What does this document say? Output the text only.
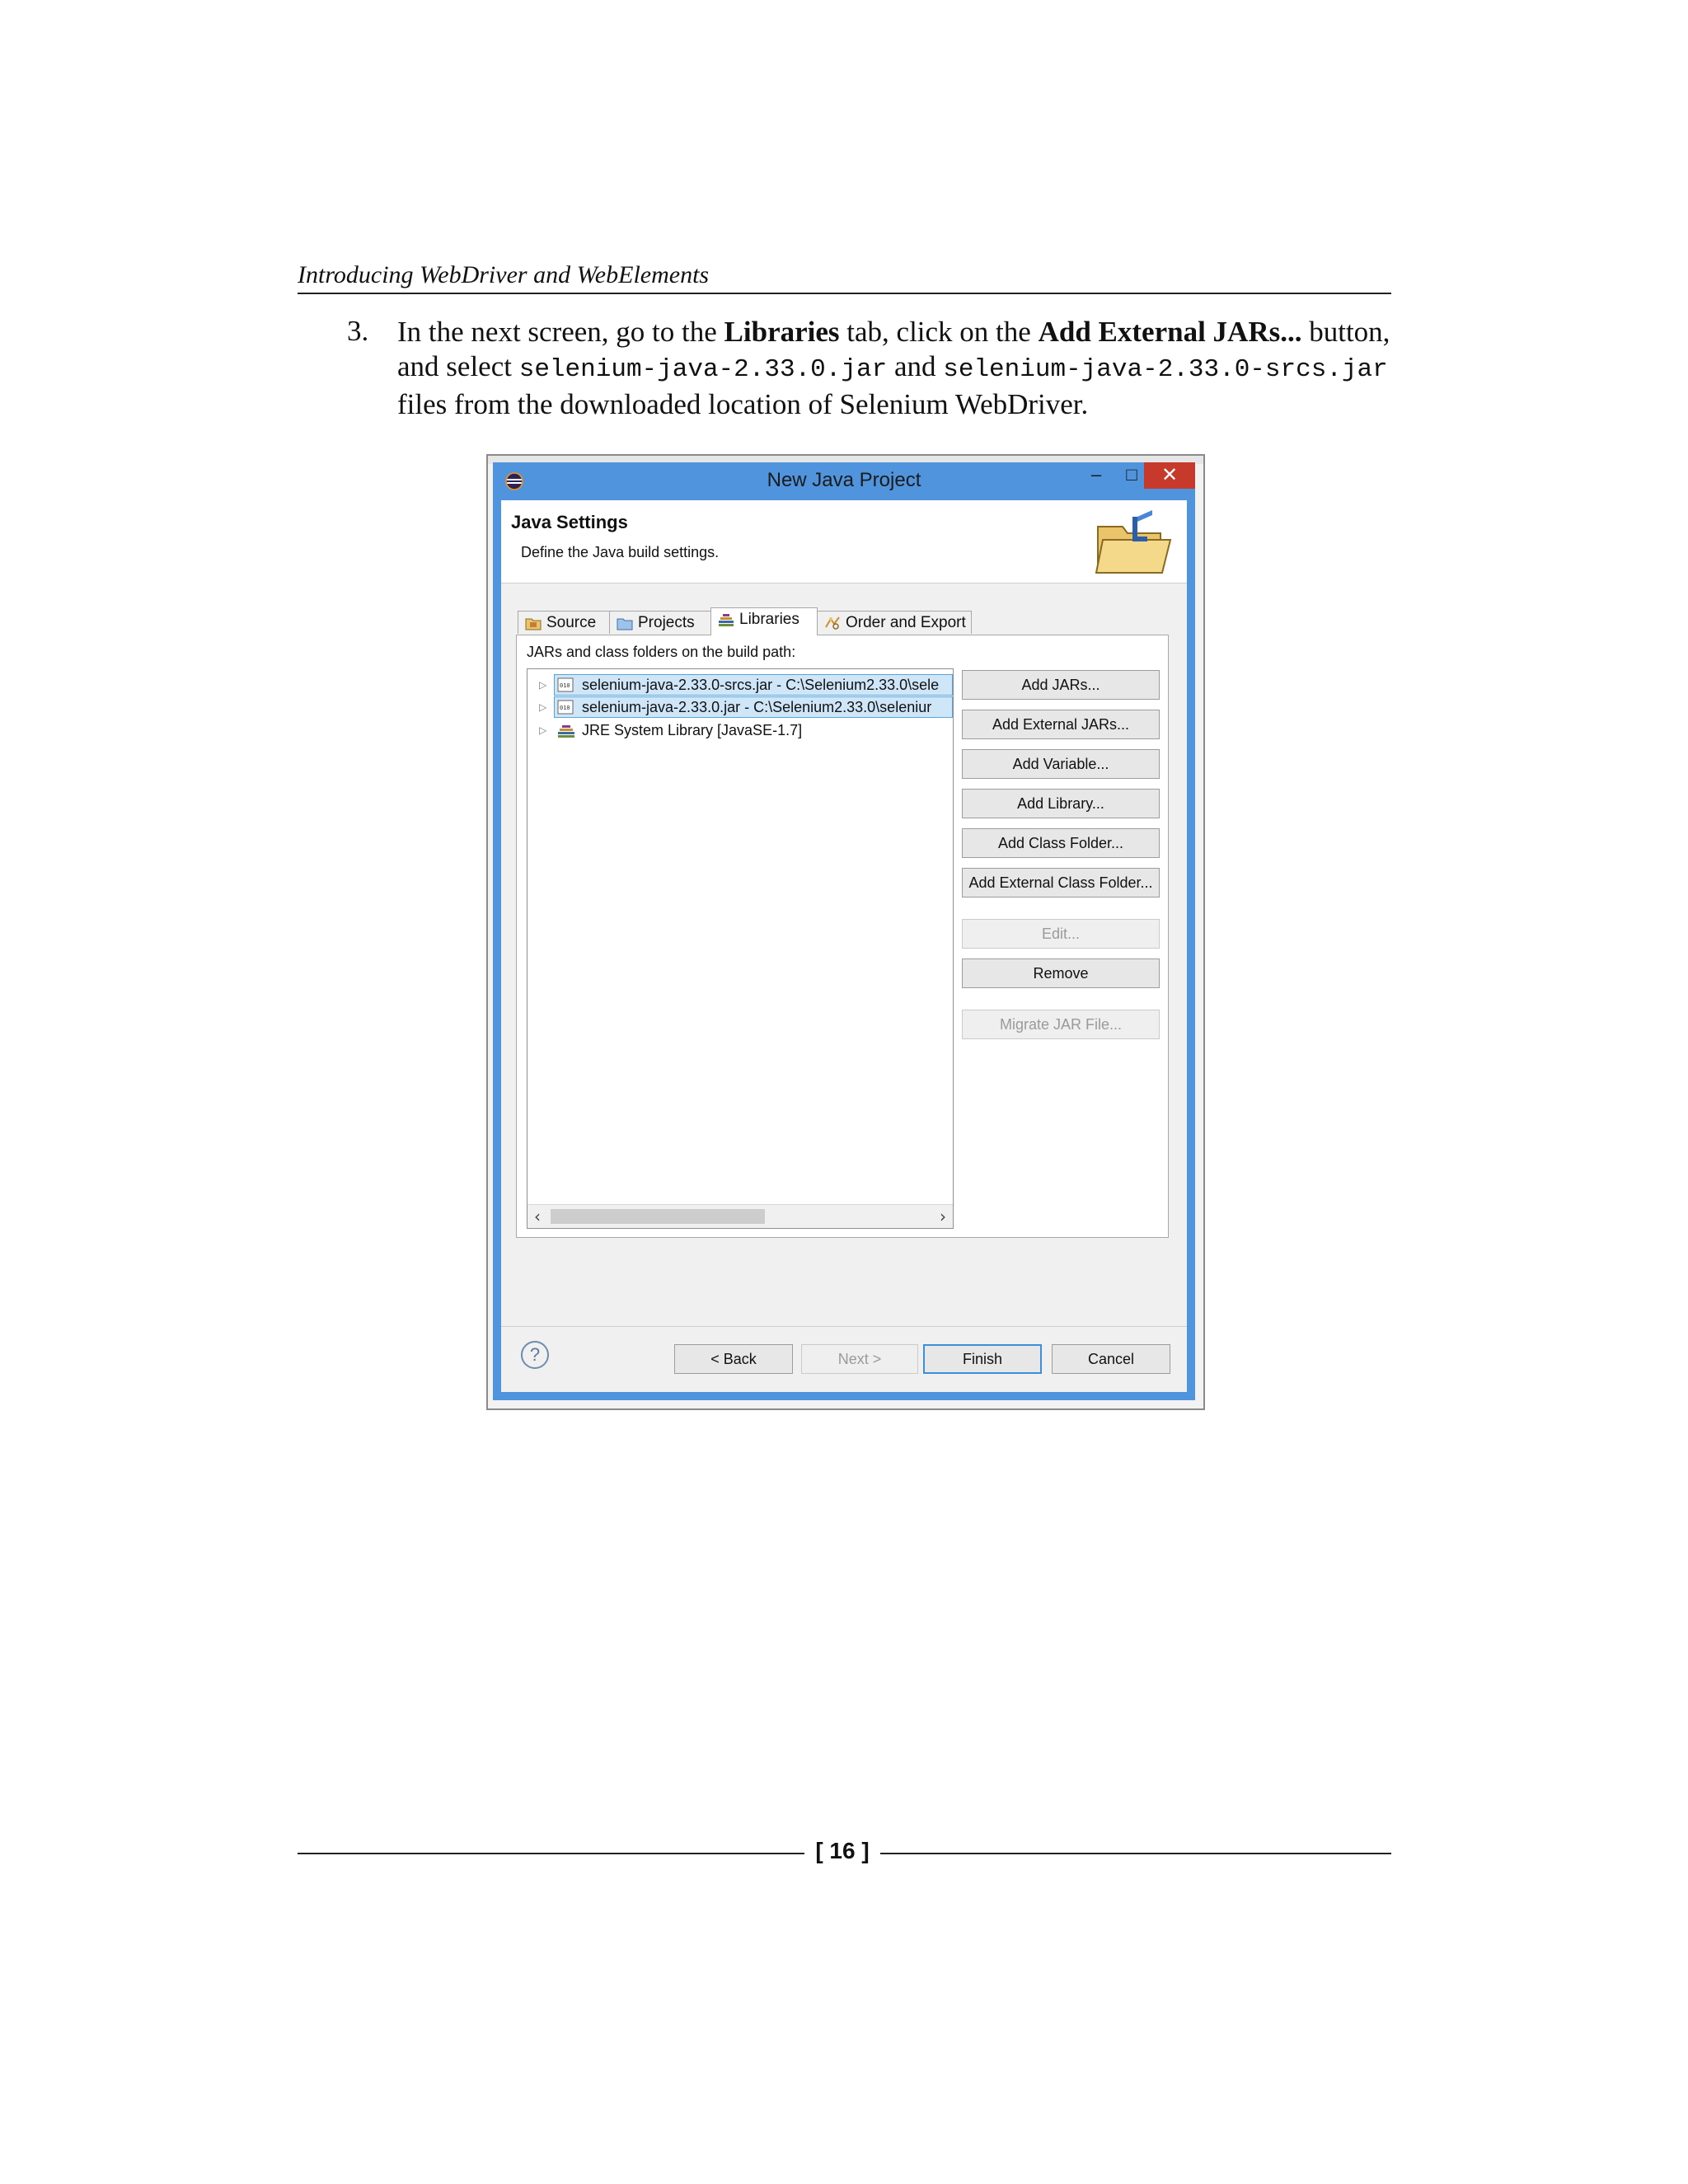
Introducing WebDriver and WebElements
3. In the next screen, go to the Libraries tab, click on the Add External JARs... button, and select selenium-java-2.33.0.jar and selenium-java-2.33.0-srcs.jar files from the downloaded location of Selenium WebDriver.
New Java Project	–	□	✕
Java Settings
Define the Java build settings.
Source	Projects	Libraries	Order and Export
JARs and class folders on the build path:
▷ 010 selenium-java-2.33.0-srcs.jar - C:\Selenium2.33.0\sele
▷ 010 selenium-java-2.33.0.jar - C:\Selenium2.33.0\seleniur
▷ JRE System Library [JavaSE-1.7]
‹	›
Add JARs...
Add External JARs...
Add Variable...
Add Library...
Add Class Folder...
Add External Class Folder...
Edit...
Remove
Migrate JAR File...
?	< Back	Next >	Finish	Cancel
[ 16 ]
